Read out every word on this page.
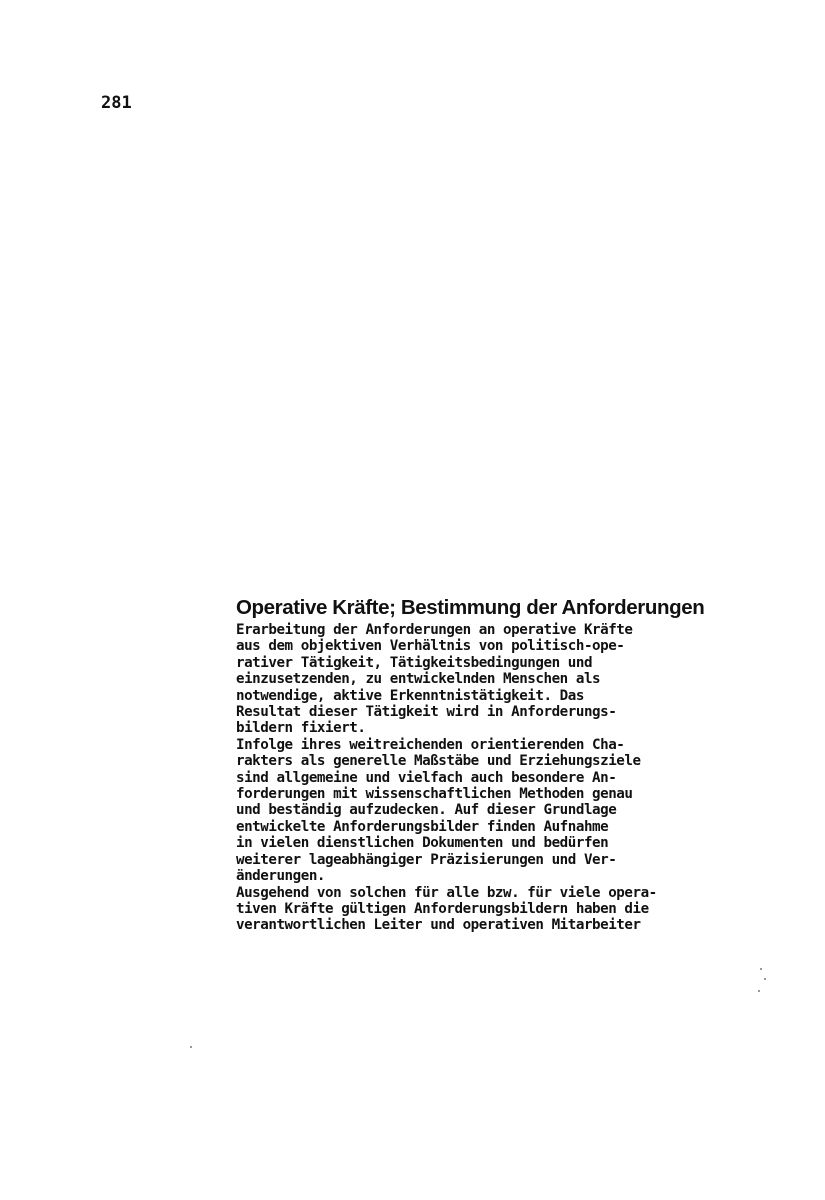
281
Operative Kräfte; Bestimmung der Anforderungen
Erarbeitung der Anforderungen an operative Kräfte
aus dem objektiven Verhältnis von politisch-ope-
rativer Tätigkeit, Tätigkeitsbedingungen und
einzusetzenden, zu entwickelnden Menschen als
notwendige, aktive Erkenntnistätigkeit. Das
Resultat dieser Tätigkeit wird in Anforderungs-
bildern fixiert.
Infolge ihres weitreichenden orientierenden Cha-
rakters als generelle Maßstäbe und Erziehungsziele
sind allgemeine und vielfach auch besondere An-
forderungen mit wissenschaftlichen Methoden genau
und beständig aufzudecken. Auf dieser Grundlage
entwickelte Anforderungsbilder finden Aufnahme
in vielen dienstlichen Dokumenten und bedürfen
weiterer lageabhängiger Präzisierungen und Ver-
änderungen.
Ausgehend von solchen für alle bzw. für viele opera-
tiven Kräfte gültigen Anforderungsbildern haben die
verantwortlichen Leiter und operativen Mitarbeiter
